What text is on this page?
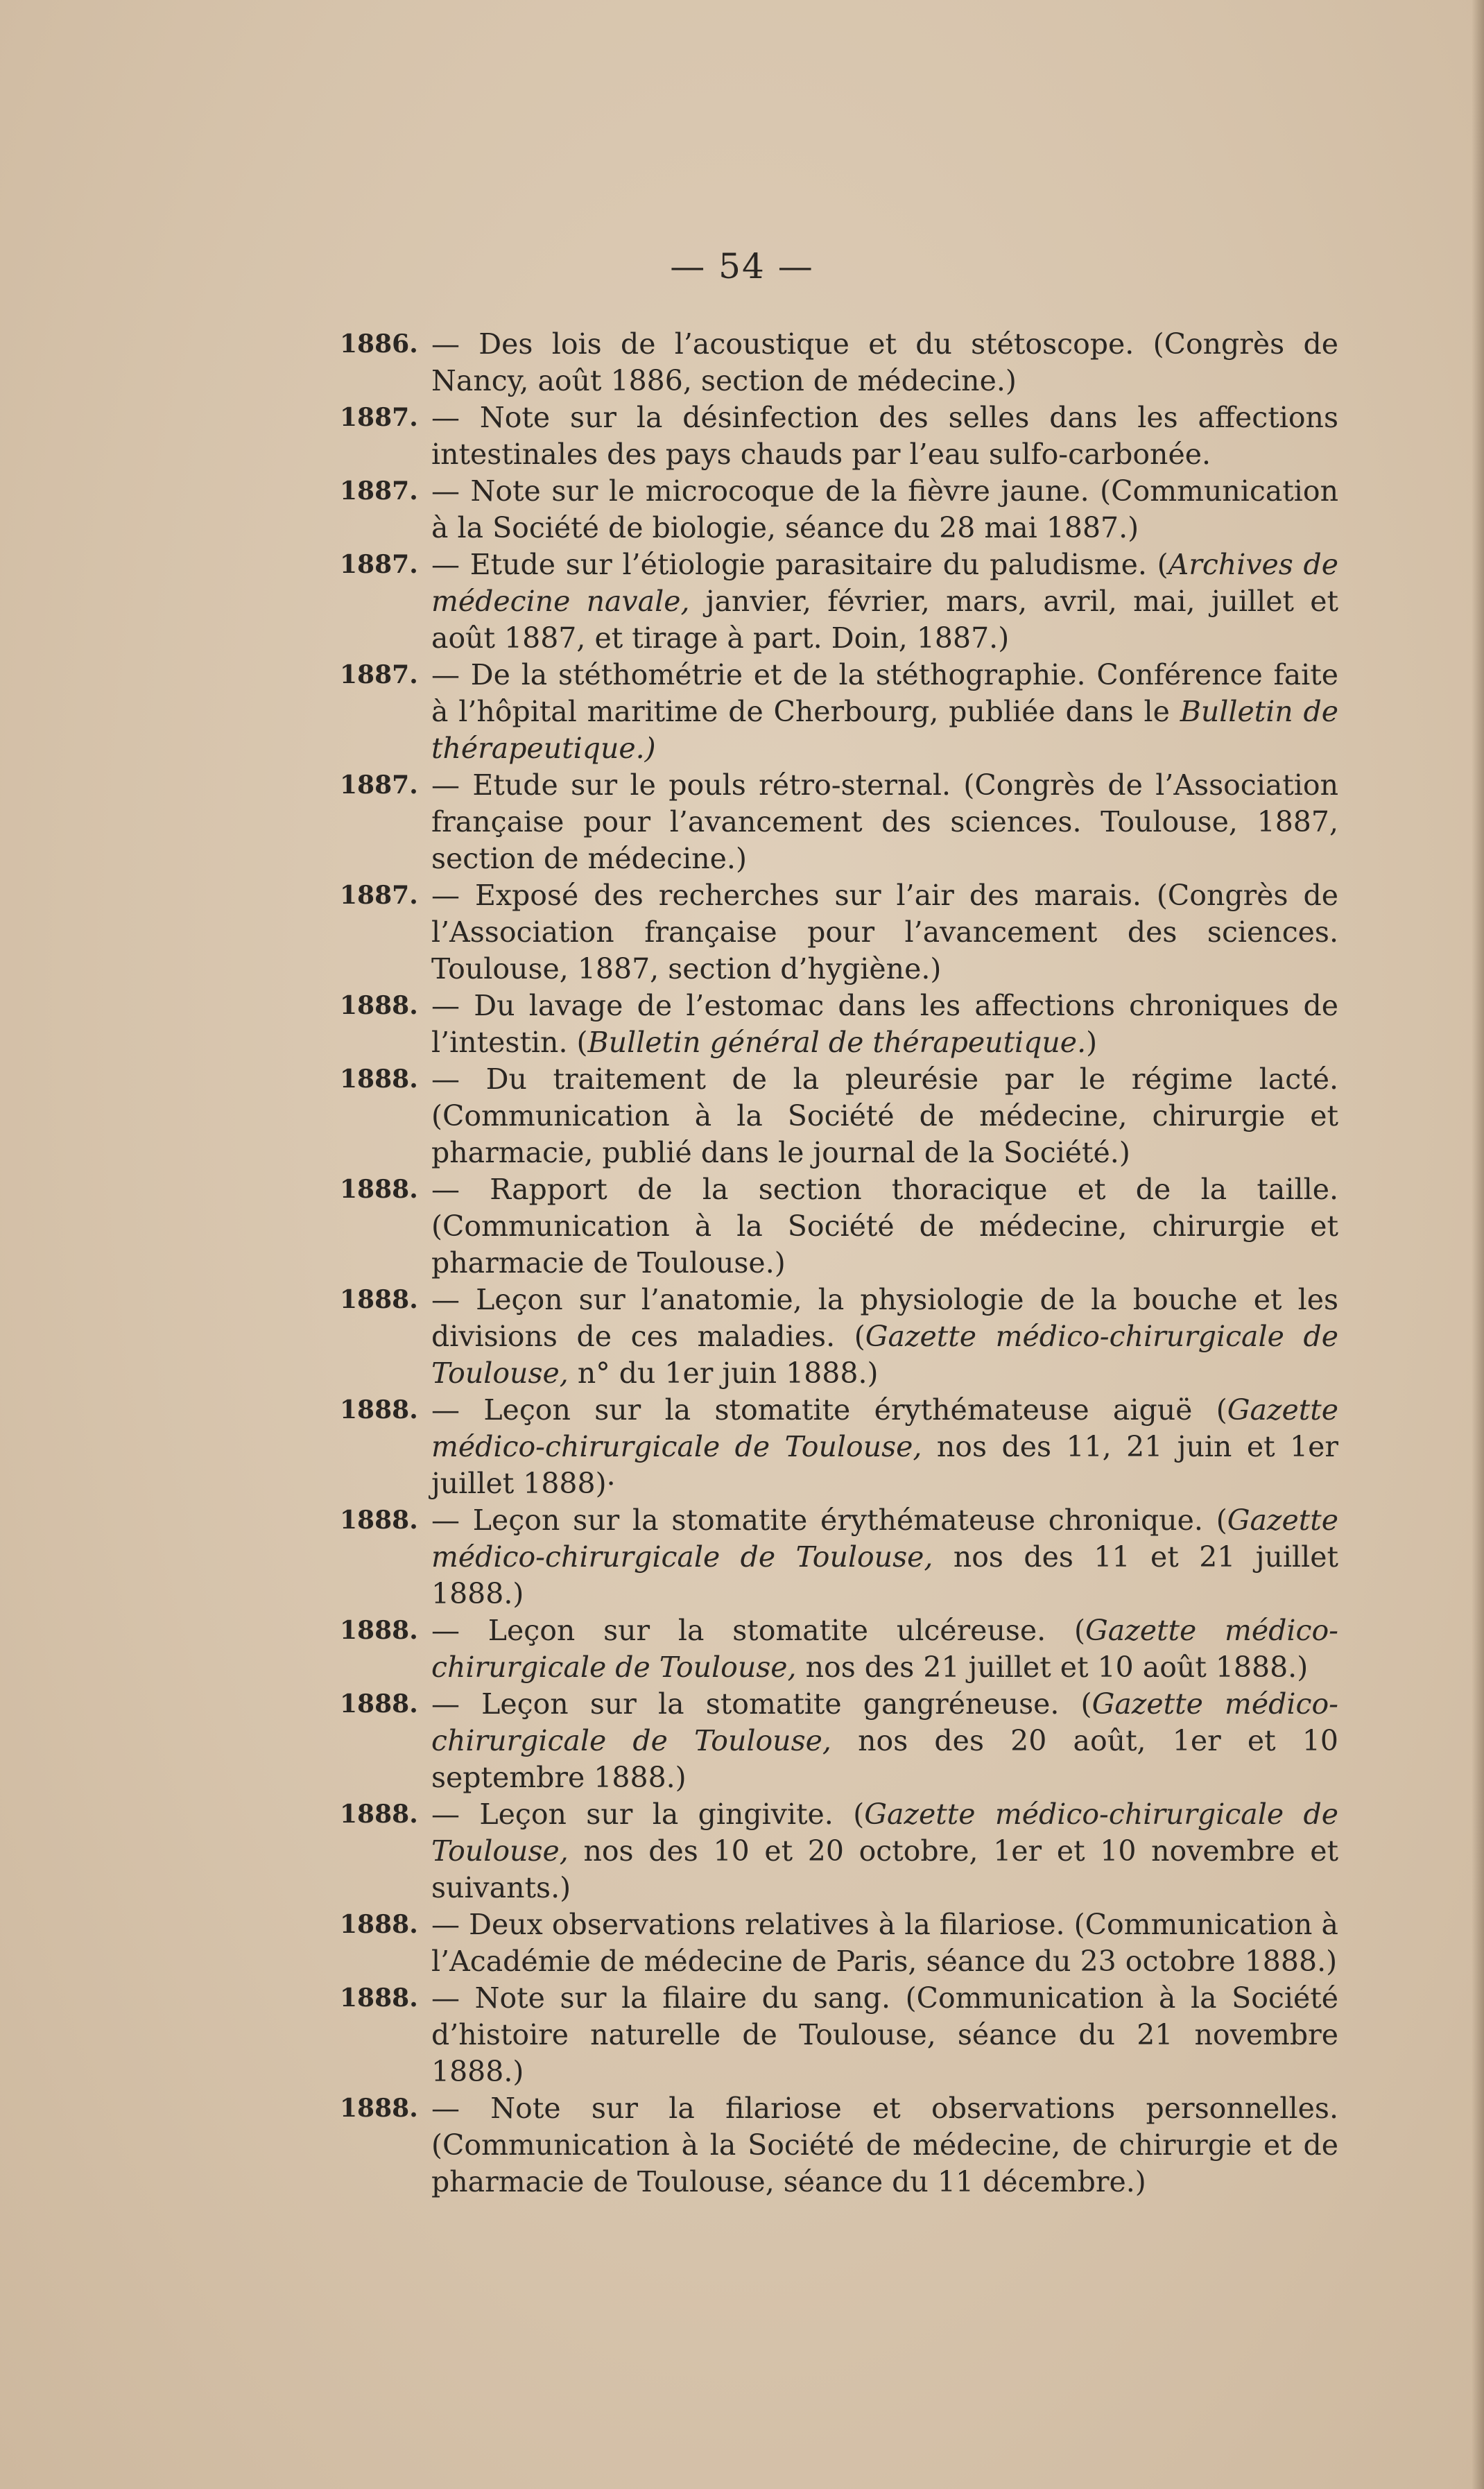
— 54 —
1886. — Des lois de l’acoustique et du stétoscope. (Congrès de Nancy, août 1886, section de médecine.)
1887. — Note sur la désinfection des selles dans les affections intestinales des pays chauds par l’eau sulfo-carbonée.
1887. — Note sur le microcoque de la fièvre jaune. (Communication à la Société de biologie, séance du 28 mai 1887.)
1887. — Etude sur l’étiologie parasitaire du paludisme. (Archives de médecine navale, janvier, février, mars, avril, mai, juillet et août 1887, et tirage à part. Doin, 1887.)
1887. — De la stéthométrie et de la stéthographie. Conférence faite à l’hôpital maritime de Cherbourg, publiée dans le Bulletin de thérapeutique.)
1887. — Etude sur le pouls rétro-sternal. (Congrès de l’Association française pour l’avancement des sciences. Toulouse, 1887, section de médecine.)
1887. — Exposé des recherches sur l’air des marais. (Congrès de l’Association française pour l’avancement des sciences. Toulouse, 1887, section d’hygiène.)
1888. — Du lavage de l’estomac dans les affections chroniques de l’intestin. (Bulletin général de thérapeutique.)
1888. — Du traitement de la pleurésie par le régime lacté. (Communication à la Société de médecine, chirurgie et pharmacie, publié dans le journal de la Société.)
1888. — Rapport de la section thoracique et de la taille. (Communication à la Société de médecine, chirurgie et pharmacie de Toulouse.)
1888. — Leçon sur l’anatomie, la physiologie de la bouche et les divisions de ces maladies. (Gazette médico-chirurgicale de Toulouse, n° du 1er juin 1888.)
1888. — Leçon sur la stomatite érythémateuse aiguë (Gazette médico-chirurgicale de Toulouse, nos des 11, 21 juin et 1er juillet 1888)·
1888. — Leçon sur la stomatite érythémateuse chronique. (Gazette médico-chirurgicale de Toulouse, nos des 11 et 21 juillet 1888.)
1888. — Leçon sur la stomatite ulcéreuse. (Gazette médico-chirurgicale de Toulouse, nos des 21 juillet et 10 août 1888.)
1888. — Leçon sur la stomatite gangréneuse. (Gazette médico-chirurgicale de Toulouse, nos des 20 août, 1er et 10 septembre 1888.)
1888. — Leçon sur la gingivite. (Gazette médico-chirurgicale de Toulouse, nos des 10 et 20 octobre, 1er et 10 novembre et suivants.)
1888. — Deux observations relatives à la filariose. (Communication à l’Académie de médecine de Paris, séance du 23 octobre 1888.)
1888. — Note sur la filaire du sang. (Communication à la Société d’histoire naturelle de Toulouse, séance du 21 novembre 1888.)
1888. — Note sur la filariose et observations personnelles. (Communication à la Société de médecine, de chirurgie et de pharmacie de Toulouse, séance du 11 décembre.)
